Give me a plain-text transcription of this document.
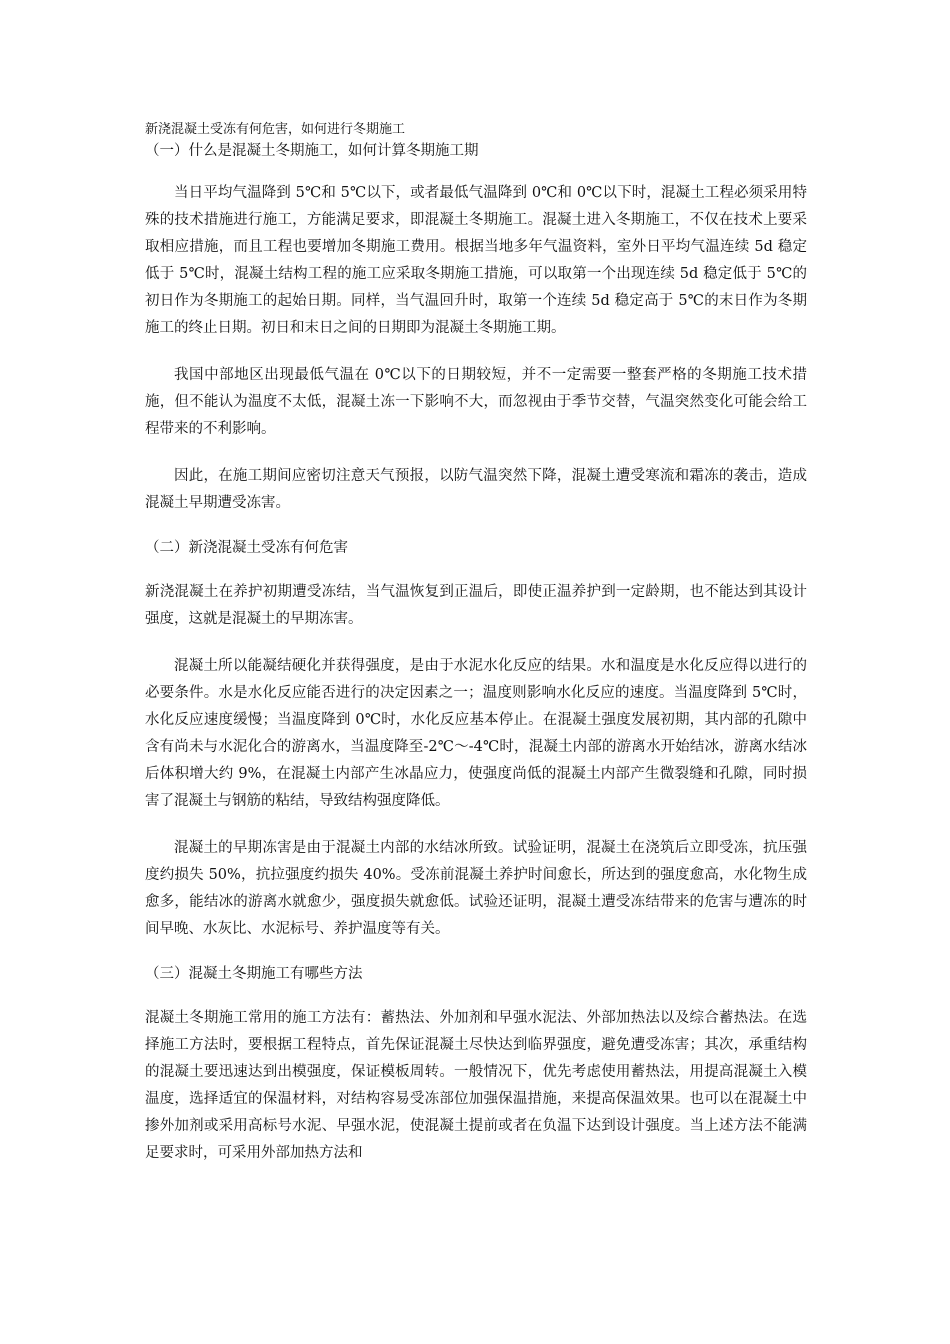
新浇混凝土受冻有何危害，如何进行冬期施工

（一）什么是混凝土冬期施工，如何计算冬期施工期

当日平均气温降到 5℃和 5℃以下，或者最低气温降到 0℃和 0℃以下时，混凝土工程必须采用特殊的技术措施进行施工，方能满足要求，即混凝土冬期施工。混凝土进入冬期施工，不仅在技术上要采取相应措施，而且工程也要增加冬期施工费用。根据当地多年气温资料，室外日平均气温连续 5d 稳定低于 5℃时，混凝土结构工程的施工应采取冬期施工措施，可以取第一个出现连续 5d 稳定低于 5℃的初日作为冬期施工的起始日期。同样，当气温回升时，取第一个连续 5d 稳定高于 5℃的末日作为冬期施工的终止日期。初日和末日之间的日期即为混凝土冬期施工期。

我国中部地区出现最低气温在 0℃以下的日期较短，并不一定需要一整套严格的冬期施工技术措施，但不能认为温度不太低，混凝土冻一下影响不大，而忽视由于季节交替，气温突然变化可能会给工程带来的不利影响。

因此，在施工期间应密切注意天气预报，以防气温突然下降，混凝土遭受寒流和霜冻的袭击，造成混凝土早期遭受冻害。

（二）新浇混凝土受冻有何危害

新浇混凝土在养护初期遭受冻结，当气温恢复到正温后，即使正温养护到一定龄期，也不能达到其设计强度，这就是混凝土的早期冻害。

混凝土所以能凝结硬化并获得强度，是由于水泥水化反应的结果。水和温度是水化反应得以进行的必要条件。水是水化反应能否进行的决定因素之一；温度则影响水化反应的速度。当温度降到 5℃时，水化反应速度缓慢；当温度降到 0℃时，水化反应基本停止。在混凝土强度发展初期，其内部的孔隙中含有尚未与水泥化合的游离水，当温度降至-2℃～-4℃时，混凝土内部的游离水开始结冰，游离水结冰后体积增大约 9%，在混凝土内部产生冰晶应力，使强度尚低的混凝土内部产生微裂缝和孔隙，同时损害了混凝土与钢筋的粘结，导致结构强度降低。

混凝土的早期冻害是由于混凝土内部的水结冰所致。试验证明，混凝土在浇筑后立即受冻，抗压强度约损失 50%，抗拉强度约损失 40%。受冻前混凝土养护时间愈长，所达到的强度愈高，水化物生成愈多，能结冰的游离水就愈少，强度损失就愈低。试验还证明，混凝土遭受冻结带来的危害与遭冻的时间早晚、水灰比、水泥标号、养护温度等有关。

（三）混凝土冬期施工有哪些方法

混凝土冬期施工常用的施工方法有：蓄热法、外加剂和早强水泥法、外部加热法以及综合蓄热法。在选择施工方法时，要根据工程特点，首先保证混凝土尽快达到临界强度，避免遭受冻害；其次，承重结构的混凝土要迅速达到出模强度，保证模板周转。一般情况下，优先考虑使用蓄热法，用提高混凝土入模温度，选择适宜的保温材料，对结构容易受冻部位加强保温措施，来提高保温效果。也可以在混凝土中掺外加剂或采用高标号水泥、早强水泥，使混凝土提前或者在负温下达到设计强度。当上述方法不能满足要求时，可采用外部加热方法和
